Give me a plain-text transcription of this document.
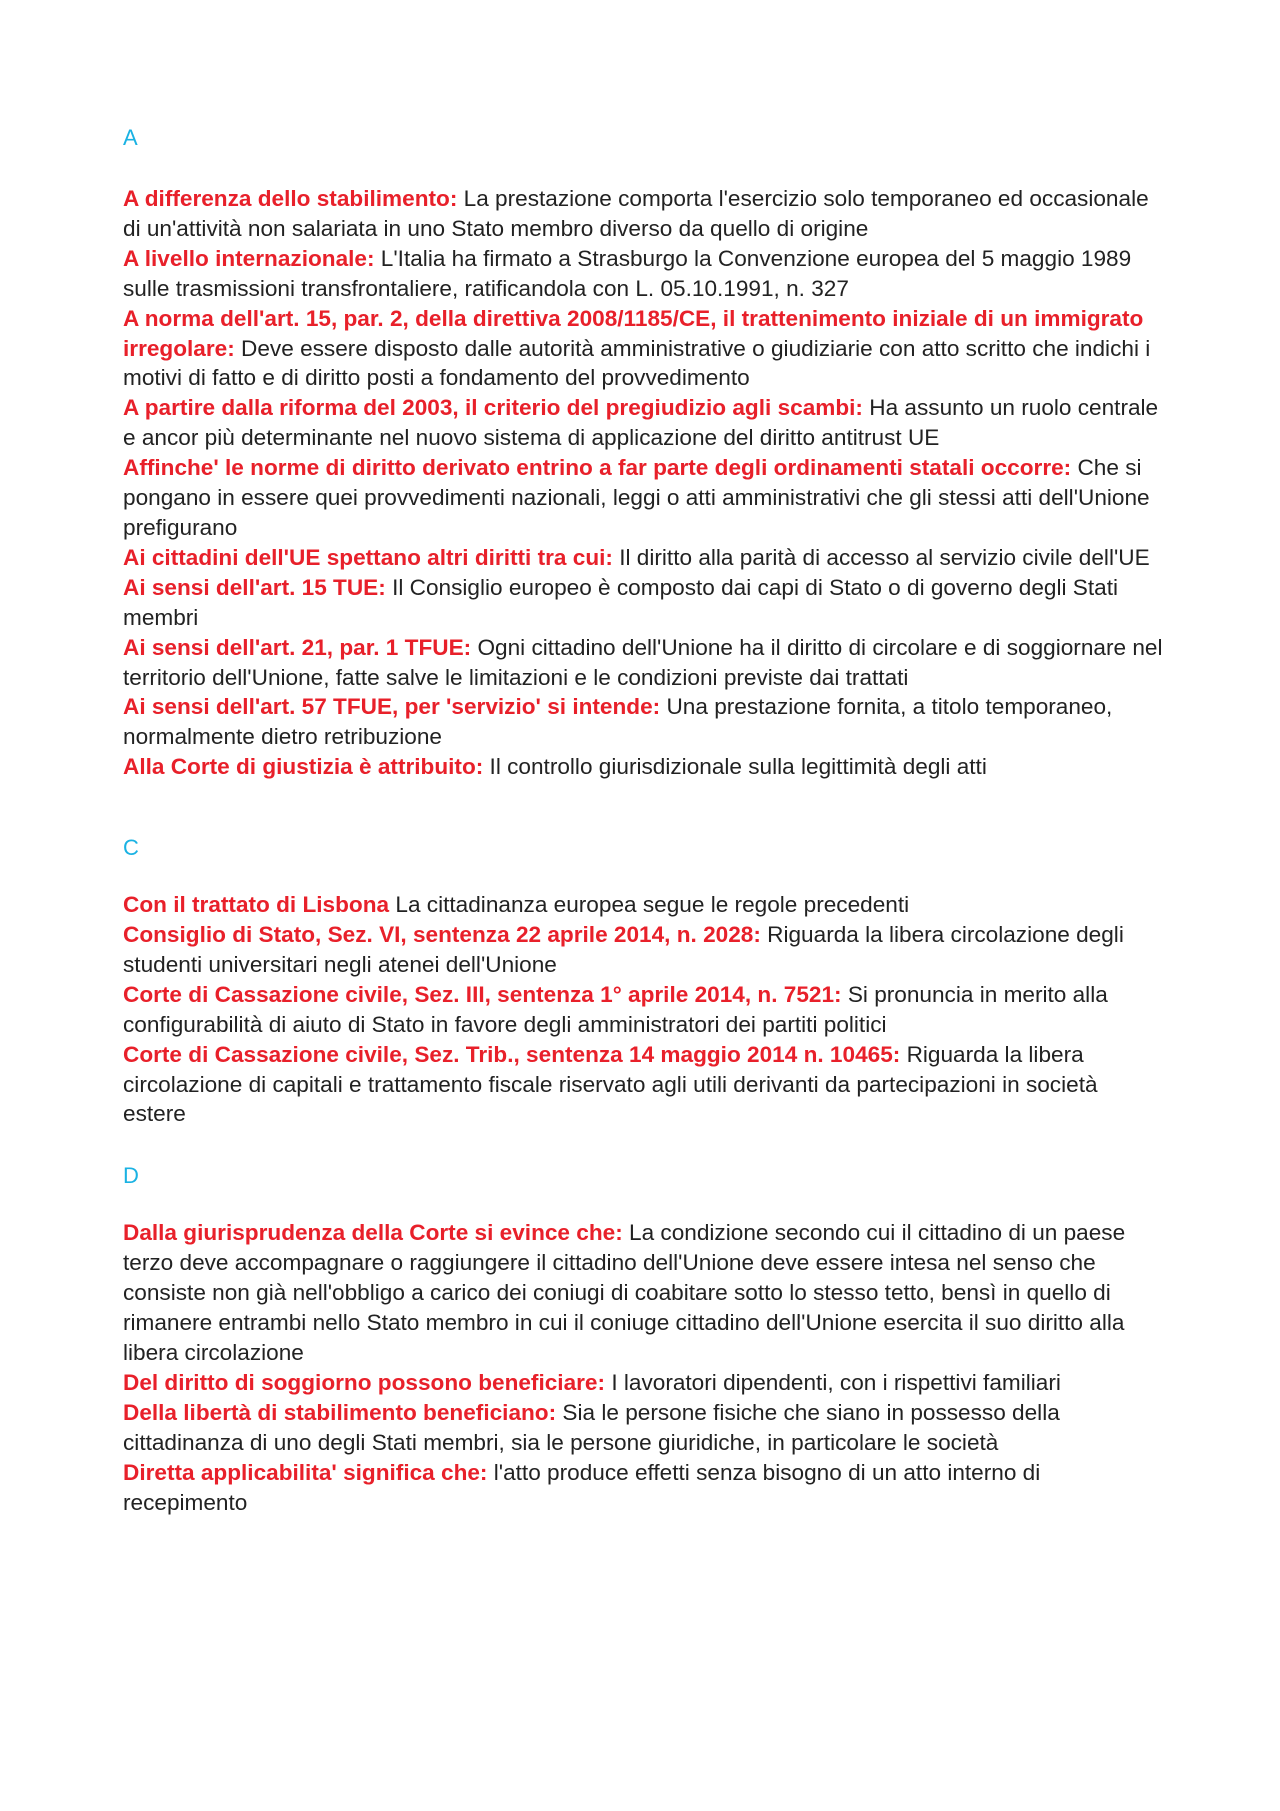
A
A differenza dello stabilimento: La prestazione comporta l'esercizio solo temporaneo ed occasionale di un'attività non salariata in uno Stato membro diverso da quello di origine
A livello internazionale: L'Italia ha firmato a Strasburgo la Convenzione europea del 5 maggio 1989 sulle trasmissioni transfrontaliere, ratificandola con L. 05.10.1991, n. 327
A norma dell'art. 15, par. 2, della direttiva 2008/1185/CE, il trattenimento iniziale di un immigrato irregolare: Deve essere disposto dalle autorità amministrative o giudiziarie con atto scritto che indichi i motivi di fatto e di diritto posti a fondamento del provvedimento
A partire dalla riforma del 2003, il criterio del pregiudizio agli scambi: Ha assunto un ruolo centrale e ancor più determinante nel nuovo sistema di applicazione del diritto antitrust UE
Affinche' le norme di diritto derivato entrino a far parte degli ordinamenti statali occorre: Che si pongano in essere quei provvedimenti nazionali, leggi o atti amministrativi che gli stessi atti dell'Unione prefigurano
Ai cittadini dell'UE spettano altri diritti tra cui: Il diritto alla parità di accesso al servizio civile dell'UE
Ai sensi dell'art. 15 TUE: Il Consiglio europeo è composto dai capi di Stato o di governo degli Stati membri
Ai sensi dell'art. 21, par. 1 TFUE: Ogni cittadino dell'Unione ha il diritto di circolare e di soggiornare nel territorio dell'Unione, fatte salve le limitazioni e le condizioni previste dai trattati
Ai sensi dell'art. 57 TFUE, per 'servizio' si intende: Una prestazione fornita, a titolo temporaneo, normalmente dietro retribuzione
Alla Corte di giustizia è attribuito: Il controllo giurisdizionale sulla legittimità degli atti
C
Con il trattato di Lisbona La cittadinanza europea segue le regole precedenti
Consiglio di Stato, Sez. VI, sentenza 22 aprile 2014, n. 2028: Riguarda la libera circolazione degli studenti universitari negli atenei dell'Unione
Corte di Cassazione civile, Sez. III, sentenza 1° aprile 2014, n. 7521: Si pronuncia in merito alla configurabilità di aiuto di Stato in favore degli amministratori dei partiti politici
Corte di Cassazione civile, Sez. Trib., sentenza 14 maggio 2014 n. 10465: Riguarda la libera circolazione di capitali e trattamento fiscale riservato agli utili derivanti da partecipazioni in società estere
D
Dalla giurisprudenza della Corte si evince che: La condizione secondo cui il cittadino di un paese terzo deve accompagnare o raggiungere il cittadino dell'Unione deve essere intesa nel senso che consiste non già nell'obbligo a carico dei coniugi di coabitare sotto lo stesso tetto, bensì in quello di rimanere entrambi nello Stato membro in cui il coniuge cittadino dell'Unione esercita il suo diritto alla libera circolazione
Del diritto di soggiorno possono beneficiare: I lavoratori dipendenti, con i rispettivi familiari
Della libertà di stabilimento beneficiano: Sia le persone fisiche che siano in possesso della cittadinanza di uno degli Stati membri, sia le persone giuridiche, in particolare le società
Diretta applicabilita' significa che: l'atto produce effetti senza bisogno di un atto interno di recepimento
